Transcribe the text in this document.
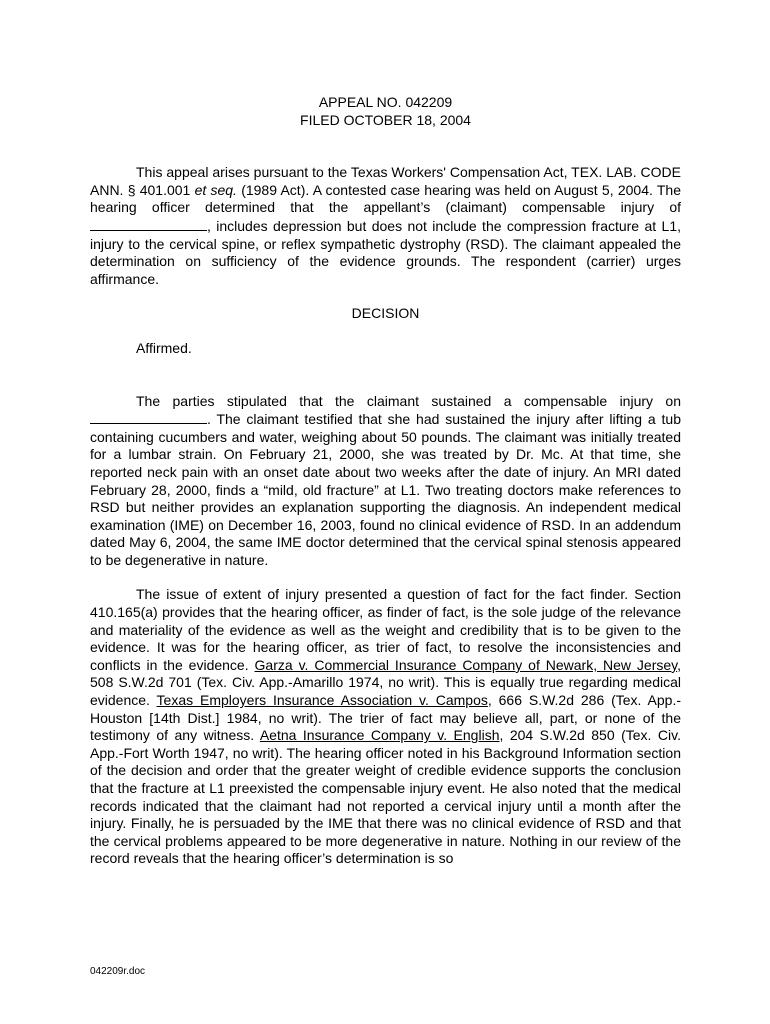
APPEAL NO. 042209
FILED OCTOBER 18, 2004

This appeal arises pursuant to the Texas Workers' Compensation Act, TEX. LAB. CODE ANN. § 401.001 et seq. (1989 Act). A contested case hearing was held on August 5, 2004. The hearing officer determined that the appellant’s (claimant) compensable injury of , includes depression but does not include the compression fracture at L1, injury to the cervical spine, or reflex sympathetic dystrophy (RSD). The claimant appealed the determination on sufficiency of the evidence grounds. The respondent (carrier) urges affirmance.

DECISION

Affirmed.

The parties stipulated that the claimant sustained a compensable injury on . The claimant testified that she had sustained the injury after lifting a tub containing cucumbers and water, weighing about 50 pounds. The claimant was initially treated for a lumbar strain. On February 21, 2000, she was treated by Dr. Mc. At that time, she reported neck pain with an onset date about two weeks after the date of injury. An MRI dated February 28, 2000, finds a “mild, old fracture” at L1. Two treating doctors make references to RSD but neither provides an explanation supporting the diagnosis. An independent medical examination (IME) on December 16, 2003, found no clinical evidence of RSD. In an addendum dated May 6, 2004, the same IME doctor determined that the cervical spinal stenosis appeared to be degenerative in nature.

The issue of extent of injury presented a question of fact for the fact finder. Section 410.165(a) provides that the hearing officer, as finder of fact, is the sole judge of the relevance and materiality of the evidence as well as the weight and credibility that is to be given to the evidence. It was for the hearing officer, as trier of fact, to resolve the inconsistencies and conflicts in the evidence. Garza v. Commercial Insurance Company of Newark, New Jersey, 508 S.W.2d 701 (Tex. Civ. App.-Amarillo 1974, no writ). This is equally true regarding medical evidence. Texas Employers Insurance Association v. Campos, 666 S.W.2d 286 (Tex. App.-Houston [14th Dist.] 1984, no writ). The trier of fact may believe all, part, or none of the testimony of any witness. Aetna Insurance Company v. English, 204 S.W.2d 850 (Tex. Civ. App.-Fort Worth 1947, no writ). The hearing officer noted in his Background Information section of the decision and order that the greater weight of credible evidence supports the conclusion that the fracture at L1 preexisted the compensable injury event. He also noted that the medical records indicated that the claimant had not reported a cervical injury until a month after the injury. Finally, he is persuaded by the IME that there was no clinical evidence of RSD and that the cervical problems appeared to be more degenerative in nature. Nothing in our review of the record reveals that the hearing officer’s determination is so

042209r.doc
